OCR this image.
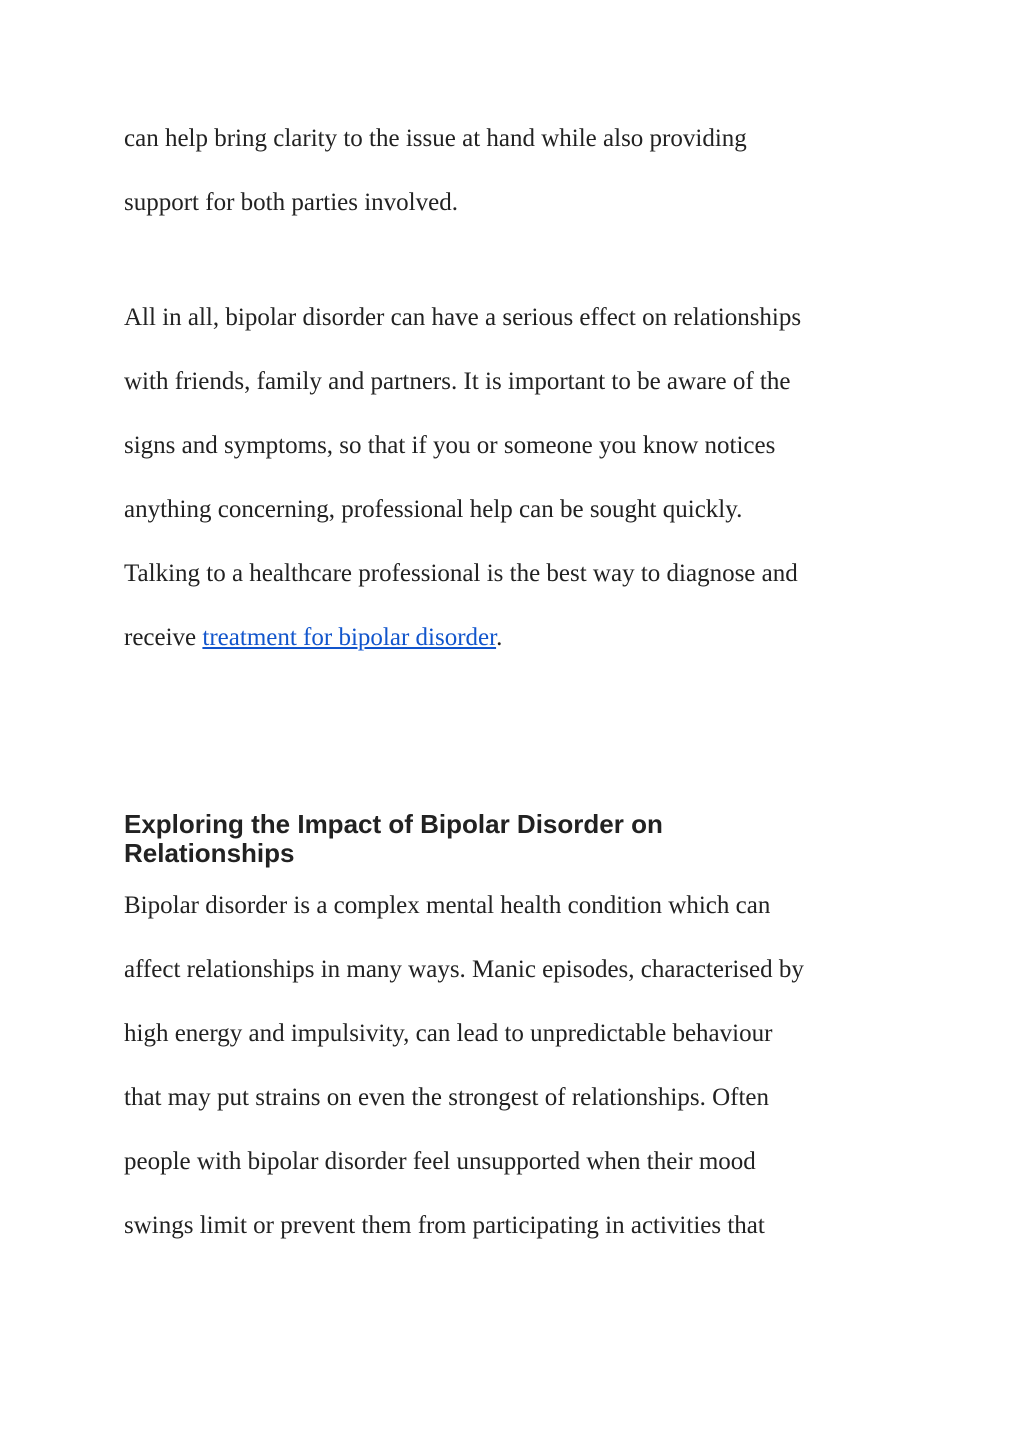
can help bring clarity to the issue at hand while also providing

support for both parties involved.

All in all, bipolar disorder can have a serious effect on relationships

with friends, family and partners. It is important to be aware of the

signs and symptoms, so that if you or someone you know notices

anything concerning, professional help can be sought quickly.

Talking to a healthcare professional is the best way to diagnose and

receive treatment for bipolar disorder.

Exploring the Impact of Bipolar Disorder on
Relationships

Bipolar disorder is a complex mental health condition which can

affect relationships in many ways. Manic episodes, characterised by

high energy and impulsivity, can lead to unpredictable behaviour

that may put strains on even the strongest of relationships. Often

people with bipolar disorder feel unsupported when their mood

swings limit or prevent them from participating in activities that
